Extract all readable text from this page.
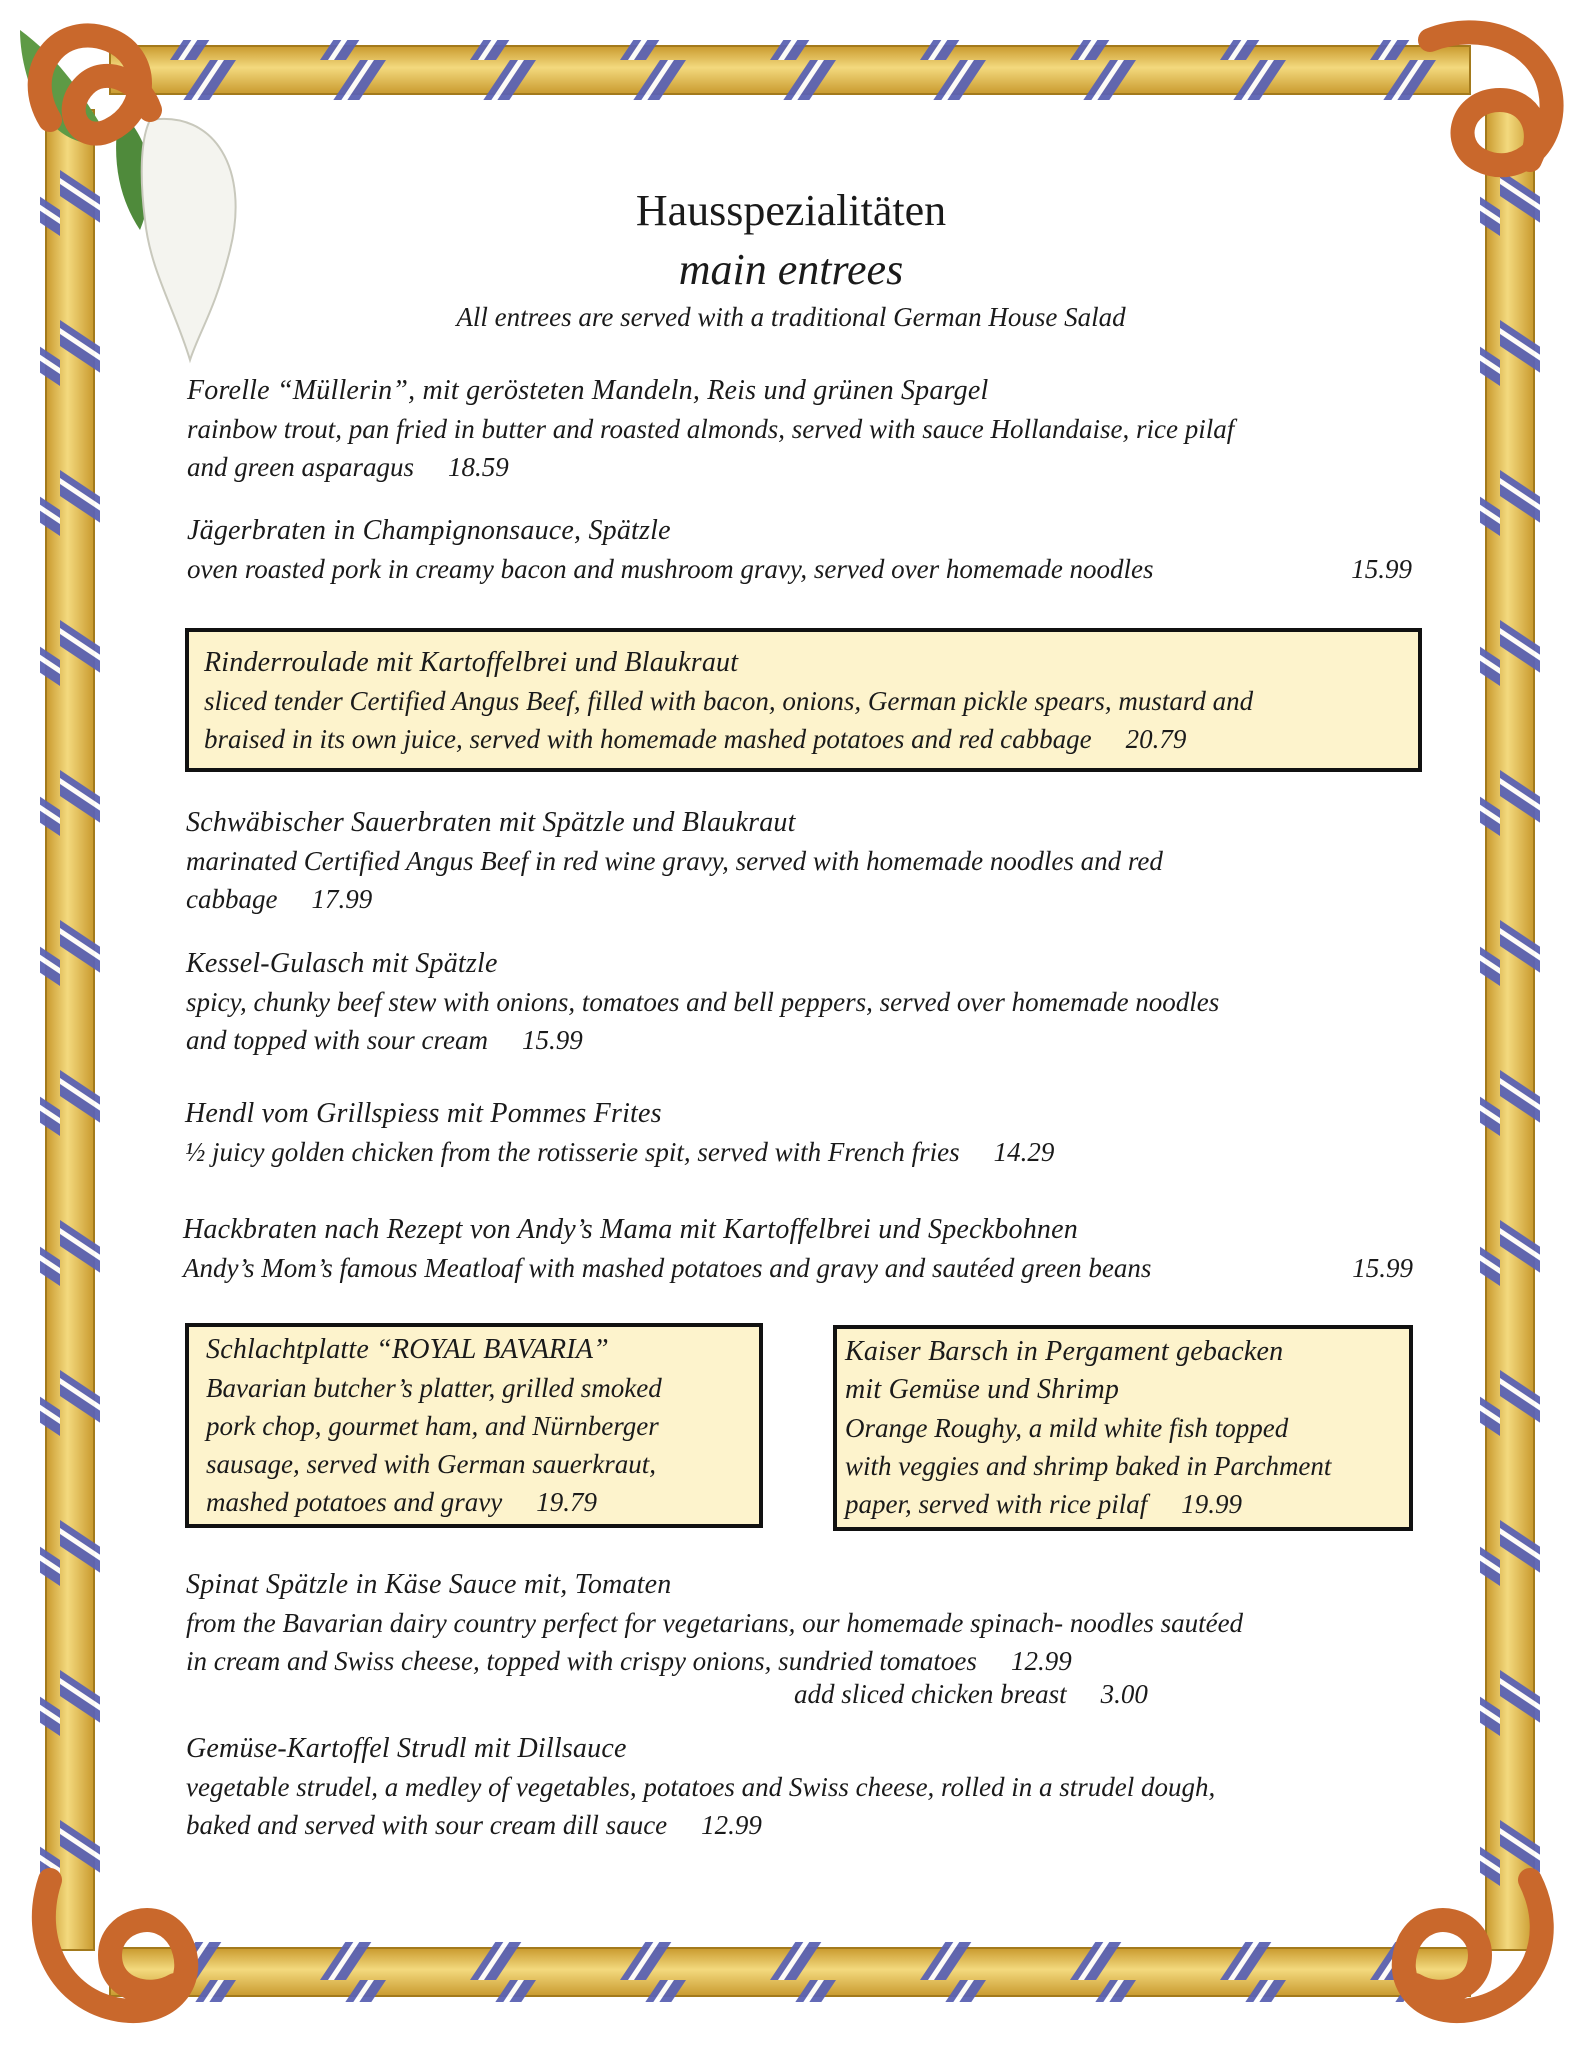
Hausspezialitäten
main entrees
All entrees are served with a traditional German House Salad
Forelle “Müllerin”, mit gerösteten Mandeln, Reis und grünen Spargel
rainbow trout, pan fried in butter and roasted almonds, served with sauce Hollandaise, rice pilaf
and green asparagus 18.59
Jägerbraten in Champignonsauce, Spätzle
oven roasted pork in creamy bacon and mushroom gravy, served over homemade noodles	15.99
Rinderroulade mit Kartoffelbrei und Blaukraut
sliced tender Certified Angus Beef, filled with bacon, onions, German pickle spears, mustard and
braised in its own juice, served with homemade mashed potatoes and red cabbage 20.79
Schwäbischer Sauerbraten mit Spätzle und Blaukraut
marinated Certified Angus Beef in red wine gravy, served with homemade noodles and red
cabbage 17.99
Kessel-Gulasch mit Spätzle
spicy, chunky beef stew with onions, tomatoes and bell peppers, served over homemade noodles
and topped with sour cream 15.99
Hendl vom Grillspiess mit Pommes Frites
½ juicy golden chicken from the rotisserie spit, served with French fries 14.29
Hackbraten nach Rezept von Andy’s Mama mit Kartoffelbrei und Speckbohnen
Andy’s Mom’s famous Meatloaf with mashed potatoes and gravy and sautéed green beans	15.99
Schlachtplatte “ROYAL BAVARIA”
Bavarian butcher’s platter, grilled smoked
pork chop, gourmet ham, and Nürnberger
sausage, served with German sauerkraut,
mashed potatoes and gravy 19.79
Kaiser Barsch in Pergament gebacken
mit Gemüse und Shrimp
Orange Roughy, a mild white fish topped
with veggies and shrimp baked in Parchment
paper, served with rice pilaf 19.99
Spinat Spätzle in Käse Sauce mit, Tomaten
from the Bavarian dairy country perfect for vegetarians, our homemade spinach- noodles sautéed
in cream and Swiss cheese, topped with crispy onions, sundried tomatoes 12.99
add sliced chicken breast 3.00
Gemüse-Kartoffel Strudl mit Dillsauce
vegetable strudel, a medley of vegetables, potatoes and Swiss cheese, rolled in a strudel dough,
baked and served with sour cream dill sauce 12.99
